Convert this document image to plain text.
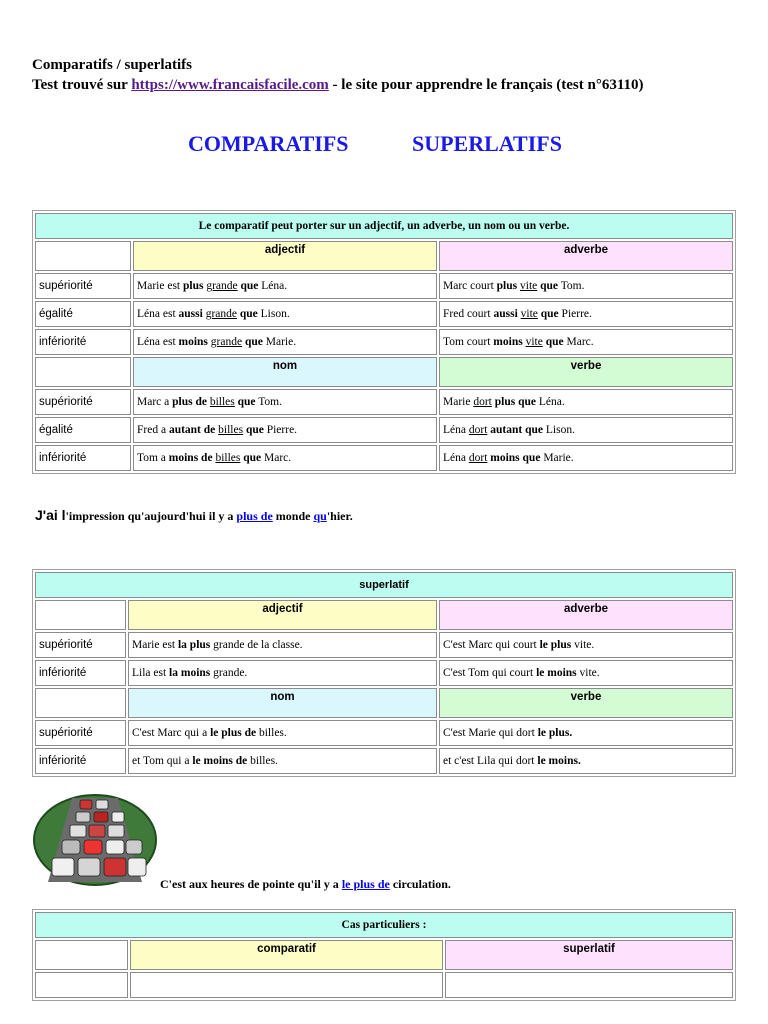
Comparatifs / superlatifs
Test trouvé sur https://www.francaisfacile.com - le site pour apprendre le français (test n°63110)
COMPARATIFS	SUPERLATIFS
Le comparatif peut porter sur un adjectif, un adverbe, un nom ou un verbe.		
	adjectif	adverbe
supériorité	Marie est plus grande que Léna.	Marc court plus vite que Tom.
égalité	Léna est aussi grande que Lison.	Fred court aussi vite que Pierre.
infériorité	Léna est moins grande que Marie.	Tom court moins vite que Marc.
	nom	verbe
supériorité	Marc a plus de billes que Tom.	Marie dort plus que Léna.
égalité	Fred a autant de billes que Pierre.	Léna dort autant que Lison.
infériorité	Tom a moins de billes que Marc.	Léna dort moins que Marie.
J'ai l'impression qu'aujourd'hui il y a plus de monde qu'hier.
superlatif		
	adjectif	adverbe
supériorité	Marie est la plus grande de la classe.	C'est Marc qui court le plus vite.
infériorité	Lila est la moins grande.	C'est Tom qui court le moins vite.
	nom	verbe
supériorité	C'est Marc qui a le plus de billes.	C'est Marie qui dort le plus.
infériorité	et Tom qui a le moins de billes.	et c'est Lila qui dort le moins.
C'est aux heures de pointe qu'il y a le plus de circulation.
Cas particuliers :		
	comparatif	superlatif
